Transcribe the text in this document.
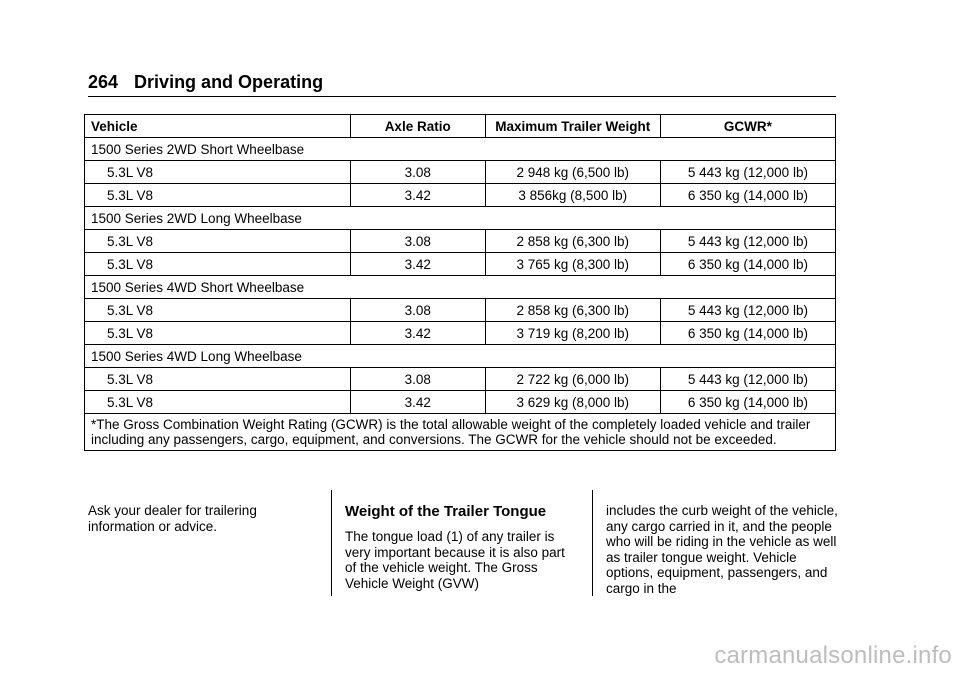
264 Driving and Operating
Vehicle	Axle Ratio	Maximum Trailer Weight	GCWR*
1500 Series 2WD Short Wheelbase			
5.3L V8	3.08	2 948 kg (6,500 lb)	5 443 kg (12,000 lb)
5.3L V8	3.42	3 856kg (8,500 lb)	6 350 kg (14,000 lb)
1500 Series 2WD Long Wheelbase			
5.3L V8	3.08	2 858 kg (6,300 lb)	5 443 kg (12,000 lb)
5.3L V8	3.42	3 765 kg (8,300 lb)	6 350 kg (14,000 lb)
1500 Series 4WD Short Wheelbase			
5.3L V8	3.08	2 858 kg (6,300 lb)	5 443 kg (12,000 lb)
5.3L V8	3.42	3 719 kg (8,200 lb)	6 350 kg (14,000 lb)
1500 Series 4WD Long Wheelbase			
5.3L V8	3.08	2 722 kg (6,000 lb)	5 443 kg (12,000 lb)
5.3L V8	3.42	3 629 kg (8,000 lb)	6 350 kg (14,000 lb)
*The Gross Combination Weight Rating (GCWR) is the total allowable weight of the completely loaded vehicle and trailer including any passengers, cargo, equipment, and conversions. The GCWR for the vehicle should not be exceeded.			
Ask your dealer for trailering information or advice.
Weight of the Trailer Tongue

The tongue load (1) of any trailer is very important because it is also part of the vehicle weight. The Gross Vehicle Weight (GVW)

includes the curb weight of the vehicle, any cargo carried in it, and the people who will be riding in the vehicle as well as trailer tongue weight. Vehicle options, equipment, passengers, and cargo in the

carmanualsonline.info
